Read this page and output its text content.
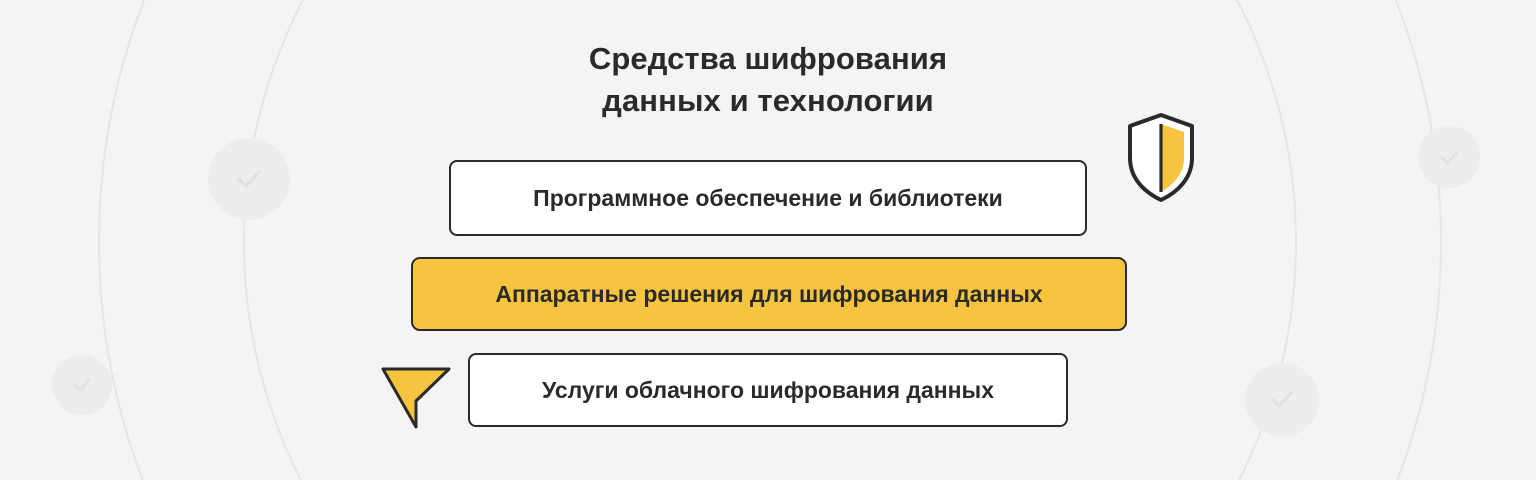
Средства шифрования
данных и технологии
Программное обеспечение и библиотеки
Аппаратные решения для шифрования данных
Услуги облачного шифрования данных
